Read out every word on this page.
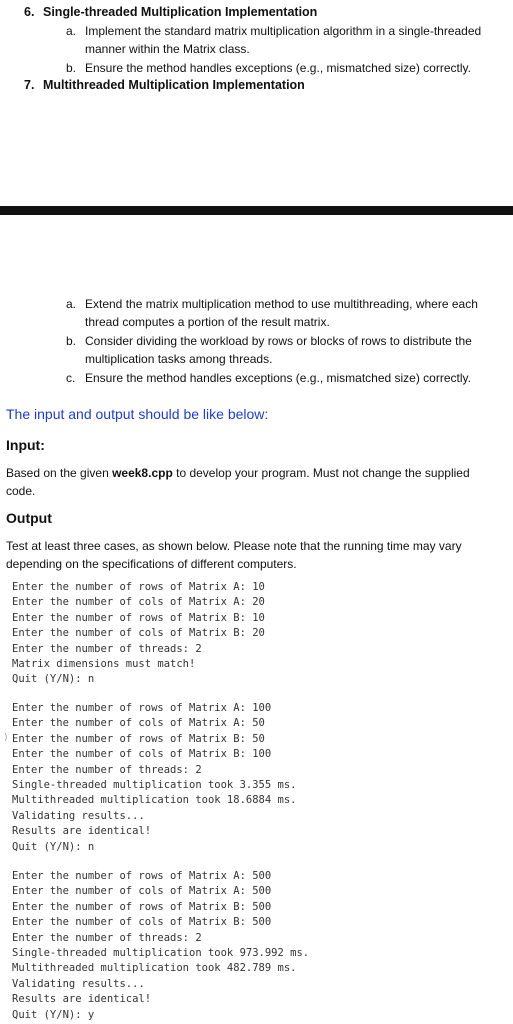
6. Single-threaded Multiplication Implementation
a. Implement the standard matrix multiplication algorithm in a single-threaded manner within the Matrix class.
b. Ensure the method handles exceptions (e.g., mismatched size) correctly.
7. Multithreaded Multiplication Implementation
a. Extend the matrix multiplication method to use multithreading, where each thread computes a portion of the result matrix.
b. Consider dividing the workload by rows or blocks of rows to distribute the multiplication tasks among threads.
c. Ensure the method handles exceptions (e.g., mismatched size) correctly.
The input and output should be like below:
Input:
Based on the given week8.cpp to develop your program. Must not change the supplied code.
Output
Test at least three cases, as shown below. Please note that the running time may vary depending on the specifications of different computers.
Enter the number of rows of Matrix A: 10
Enter the number of cols of Matrix A: 20
Enter the number of rows of Matrix B: 10
Enter the number of cols of Matrix B: 20
Enter the number of threads: 2
Matrix dimensions must match!
Quit (Y/N): n
)
Enter the number of rows of Matrix A: 100
Enter the number of cols of Matrix A: 50
Enter the number of rows of Matrix B: 50
Enter the number of cols of Matrix B: 100
Enter the number of threads: 2
Single-threaded multiplication took 3.355 ms.
Multithreaded multiplication took 18.6884 ms.
Validating results...
Results are identical!
Quit (Y/N): n
Enter the number of rows of Matrix A: 500
Enter the number of cols of Matrix A: 500
Enter the number of rows of Matrix B: 500
Enter the number of cols of Matrix B: 500
Enter the number of threads: 2
Single-threaded multiplication took 973.992 ms.
Multithreaded multiplication took 482.789 ms.
Validating results...
Results are identical!
Quit (Y/N): y
